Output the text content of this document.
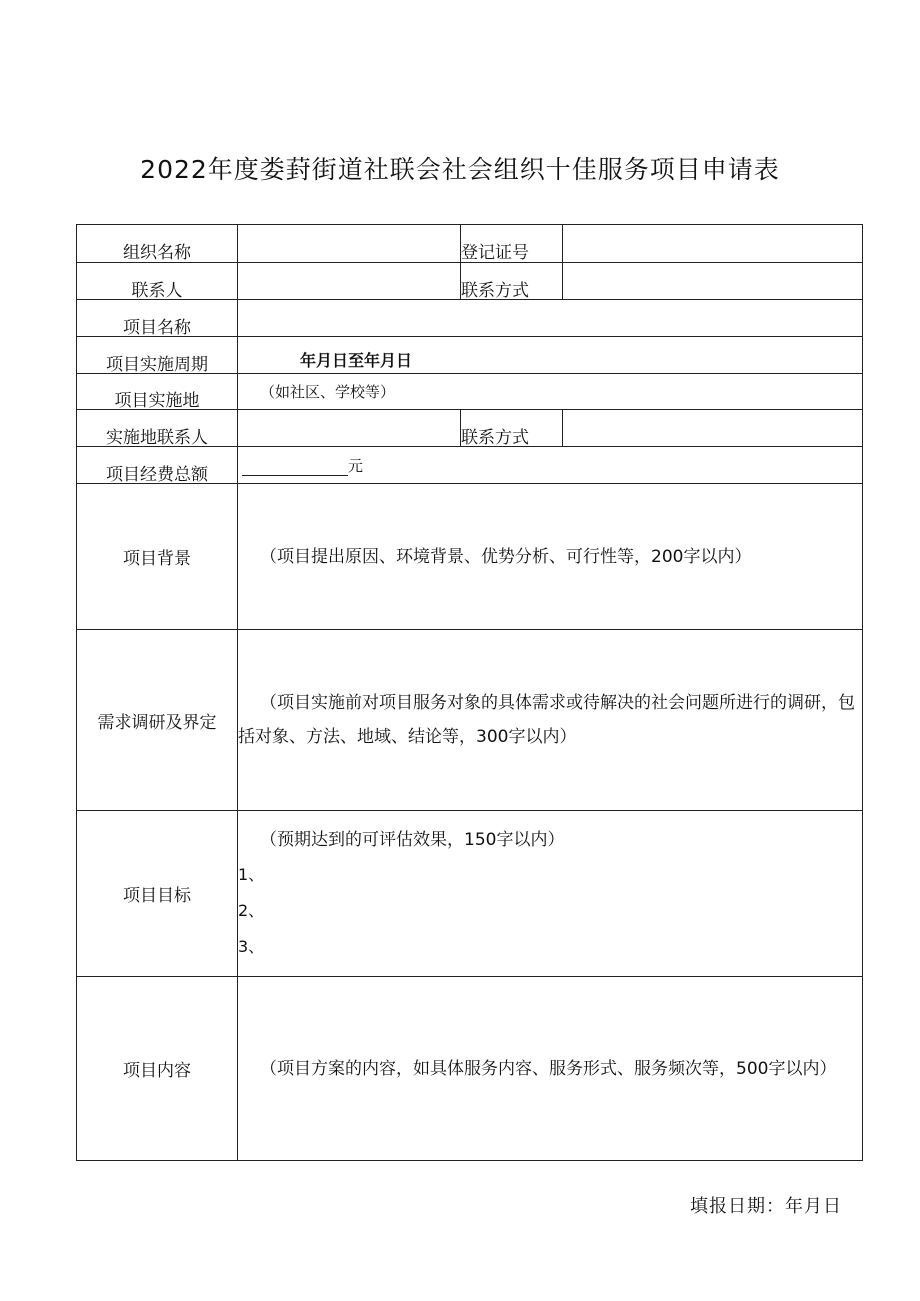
2022年度娄葑街道社联会社会组织十佳服务项目申请表
组织名称		登记证号	
联系人		联系方式	
项目名称			
项目实施周期	年月日至年月日		
项目实施地	（如社区、学校等）		
实施地联系人		联系方式	
项目经费总额	元		
项目背景	（项目提出原因、环境背景、优势分析、可行性等，200字以内）		

需求调研及界定	（项目实施前对项目服务对象的具体需求或待解决的社会问题所进行的调研，包括对象、方法、地域、结论等，300字以内）		

项目目标	（预期达到的可评估效果，150字以内）
1、
2、
3、		

项目内容	（项目方案的内容，如具体服务内容、服务形式、服务频次等，500字以内）		
填报日期：年月日
